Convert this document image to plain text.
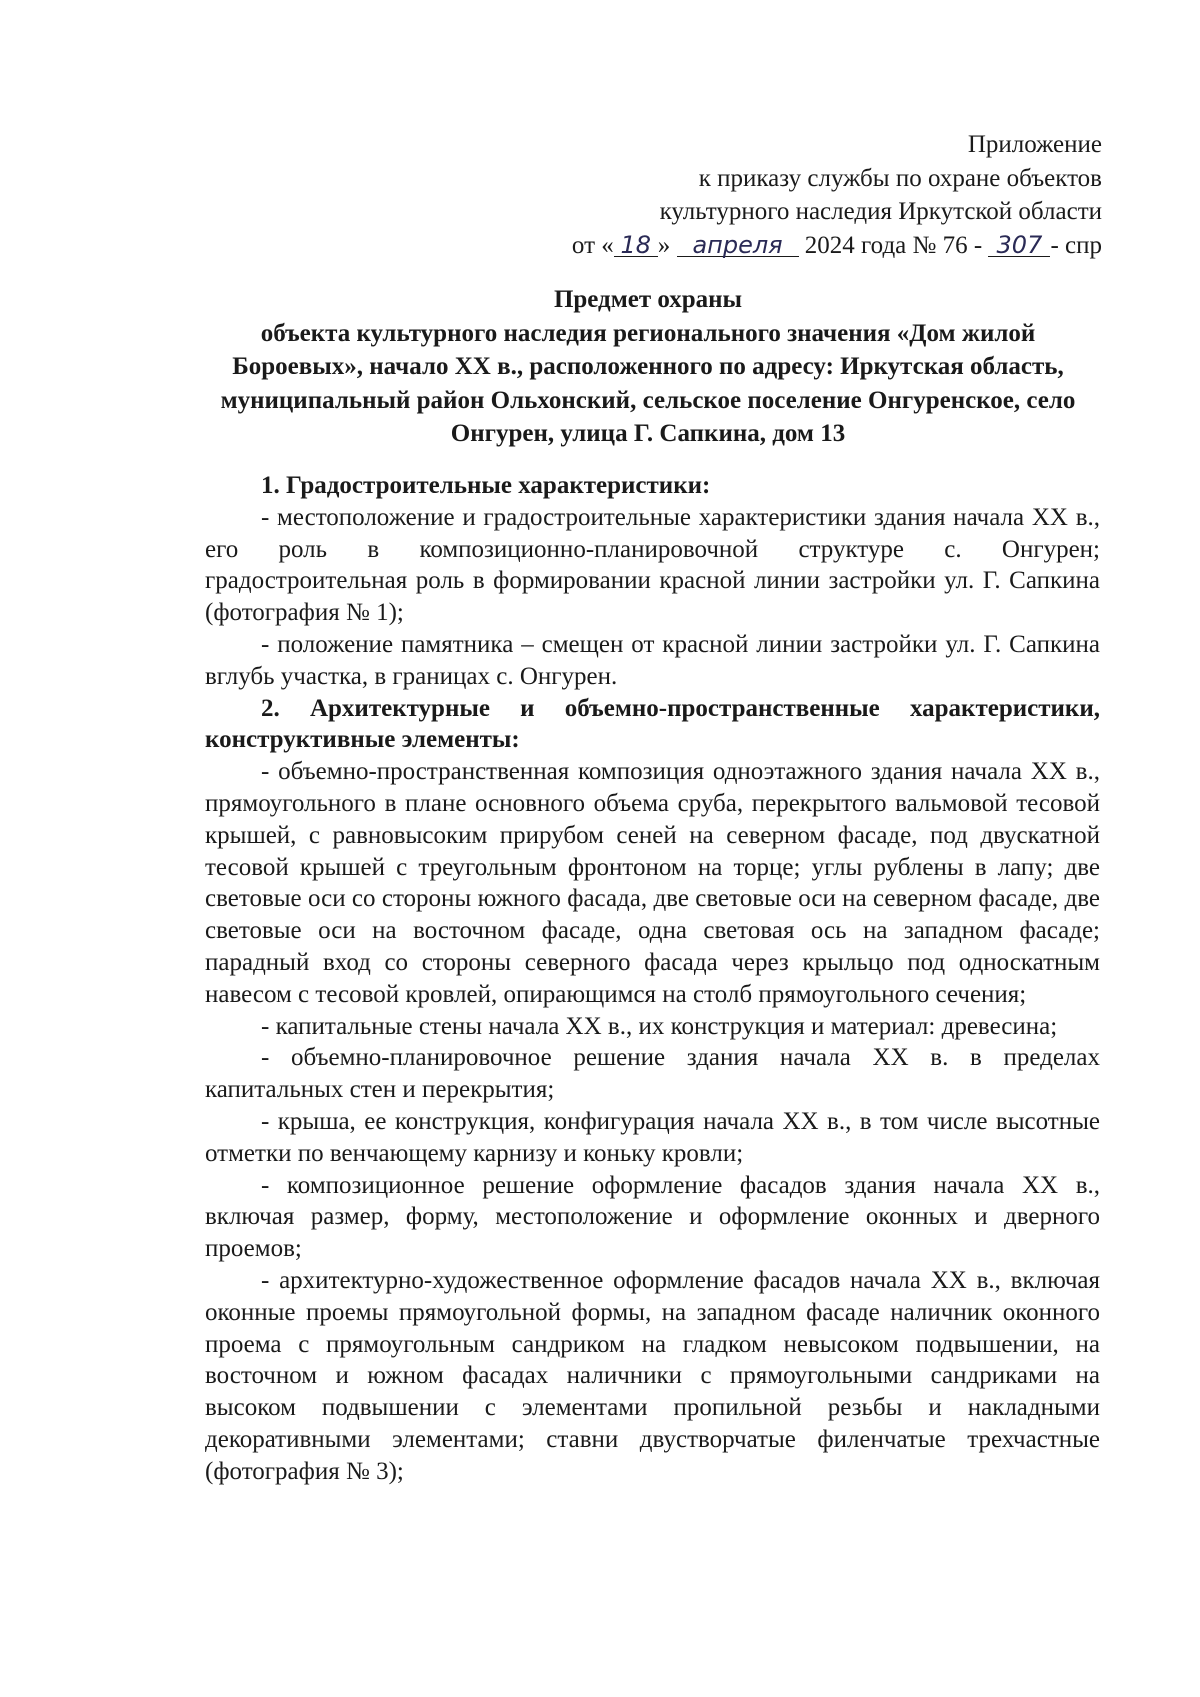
Приложение
к приказу службы по охране объектов
культурного наследия Иркутской области
от « 18 » апреля 2024 года № 76 - 307 - спр
Предмет охраны
объекта культурного наследия регионального значения «Дом жилой Бороевых», начало XX в., расположенного по адресу: Иркутская область, муниципальный район Ольхонский, сельское поселение Онгуренское, село Онгурен, улица Г. Сапкина, дом 13

1. Градостроительные характеристики:

- местоположение и градостроительные характеристики здания начала XX в., его роль в композиционно-планировочной структуре с. Онгурен; градостроительная роль в формировании красной линии застройки ул. Г. Сапкина (фотография № 1);

- положение памятника – смещен от красной линии застройки ул. Г. Сапкина вглубь участка, в границах с. Онгурен.

2. Архитектурные и объемно-пространственные характеристики, конструктивные элементы:

- объемно-пространственная композиция одноэтажного здания начала XX в., прямоугольного в плане основного объема сруба, перекрытого вальмовой тесовой крышей, с равновысоким прирубом сеней на северном фасаде, под двускатной тесовой крышей с треугольным фронтоном на торце; углы рублены в лапу; две световые оси со стороны южного фасада, две световые оси на северном фасаде, две световые оси на восточном фасаде, одна световая ось на западном фасаде; парадный вход со стороны северного фасада через крыльцо под односкатным навесом с тесовой кровлей, опирающимся на столб прямоугольного сечения;

- капитальные стены начала XX в., их конструкция и материал: древесина;

- объемно-планировочное решение здания начала XX в. в пределах капитальных стен и перекрытия;

- крыша, ее конструкция, конфигурация начала XX в., в том числе высотные отметки по венчающему карнизу и коньку кровли;

- композиционное решение оформление фасадов здания начала XX в., включая размер, форму, местоположение и оформление оконных и дверного проемов;

- архитектурно-художественное оформление фасадов начала XX в., включая оконные проемы прямоугольной формы, на западном фасаде наличник оконного проема с прямоугольным сандриком на гладком невысоком подвышении, на восточном и южном фасадах наличники с прямоугольными сандриками на высоком подвышении с элементами пропильной резьбы и накладными декоративными элементами; ставни двустворчатые филенчатые трехчастные (фотография № 3);
